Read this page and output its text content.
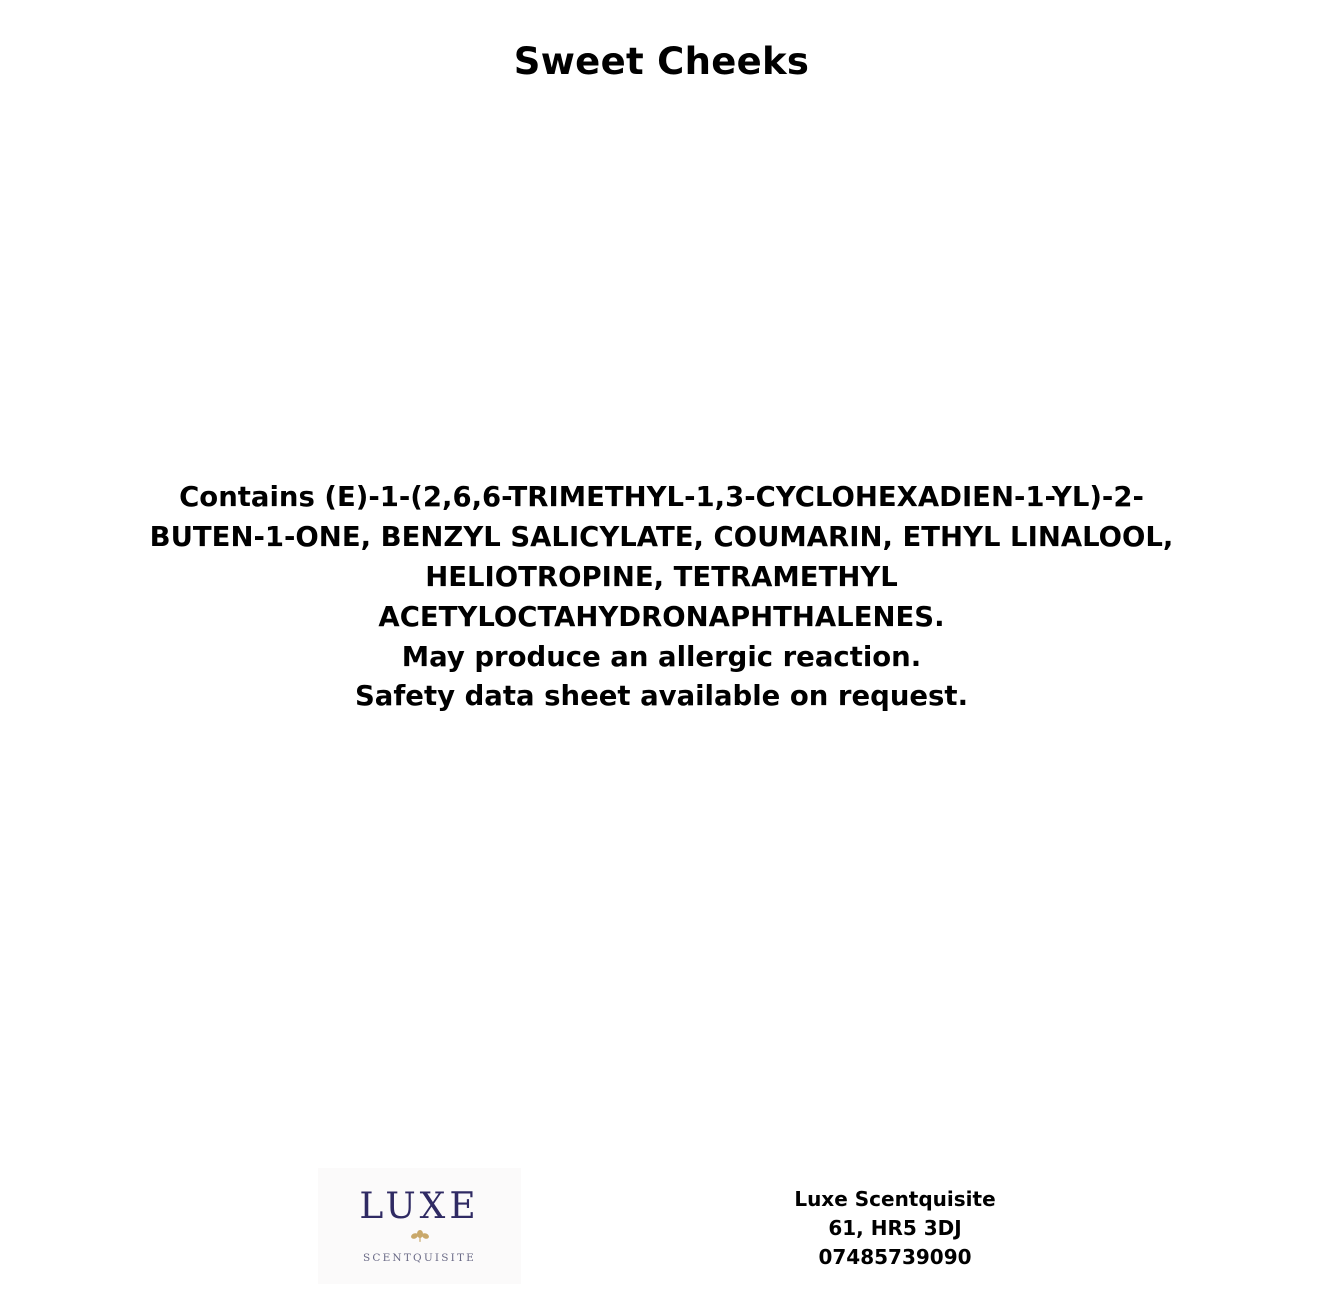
Sweet Cheeks
Contains (E)-1-(2,6,6-TRIMETHYL-1,3-CYCLOHEXADIEN-1-YL)-2-BUTEN-1-ONE, BENZYL SALICYLATE, COUMARIN, ETHYL LINALOOL, HELIOTROPINE, TETRAMETHYL ACETYLOCTAHYDRONAPHTHALENES.
May produce an allergic reaction.
Safety data sheet available on request.
LUXE
SCENTQUISITE
Luxe Scentquisite
61, HR5 3DJ
07485739090
